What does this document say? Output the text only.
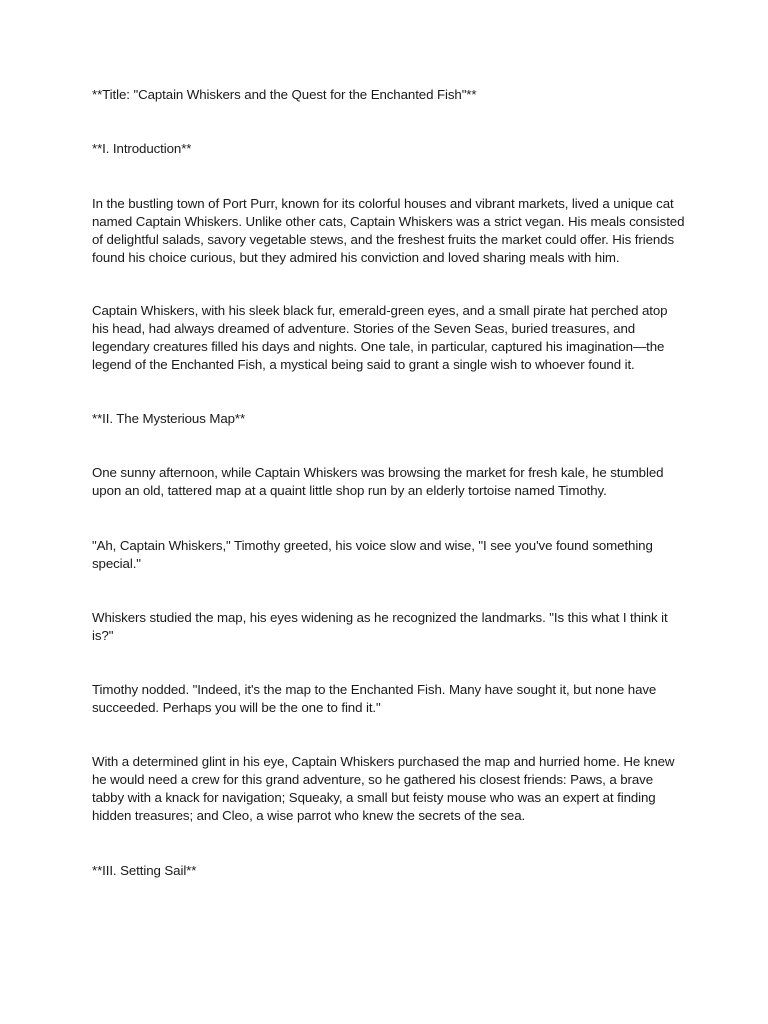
**Title: "Captain Whiskers and the Quest for the Enchanted Fish"**

**I. Introduction**

In the bustling town of Port Purr, known for its colorful houses and vibrant markets, lived a unique cat
named Captain Whiskers. Unlike other cats, Captain Whiskers was a strict vegan. His meals consisted
of delightful salads, savory vegetable stews, and the freshest fruits the market could offer. His friends
found his choice curious, but they admired his conviction and loved sharing meals with him.
Captain Whiskers, with his sleek black fur, emerald-green eyes, and a small pirate hat perched atop
his head, had always dreamed of adventure. Stories of the Seven Seas, buried treasures, and
legendary creatures filled his days and nights. One tale, in particular, captured his imagination—the
legend of the Enchanted Fish, a mystical being said to grant a single wish to whoever found it.

**II. The Mysterious Map**

One sunny afternoon, while Captain Whiskers was browsing the market for fresh kale, he stumbled
upon an old, tattered map at a quaint little shop run by an elderly tortoise named Timothy.
"Ah, Captain Whiskers," Timothy greeted, his voice slow and wise, "I see you've found something
special."
Whiskers studied the map, his eyes widening as he recognized the landmarks. "Is this what I think it
is?"
Timothy nodded. "Indeed, it's the map to the Enchanted Fish. Many have sought it, but none have
succeeded. Perhaps you will be the one to find it."
With a determined glint in his eye, Captain Whiskers purchased the map and hurried home. He knew
he would need a crew for this grand adventure, so he gathered his closest friends: Paws, a brave
tabby with a knack for navigation; Squeaky, a small but feisty mouse who was an expert at finding
hidden treasures; and Cleo, a wise parrot who knew the secrets of the sea.

**III. Setting Sail**
